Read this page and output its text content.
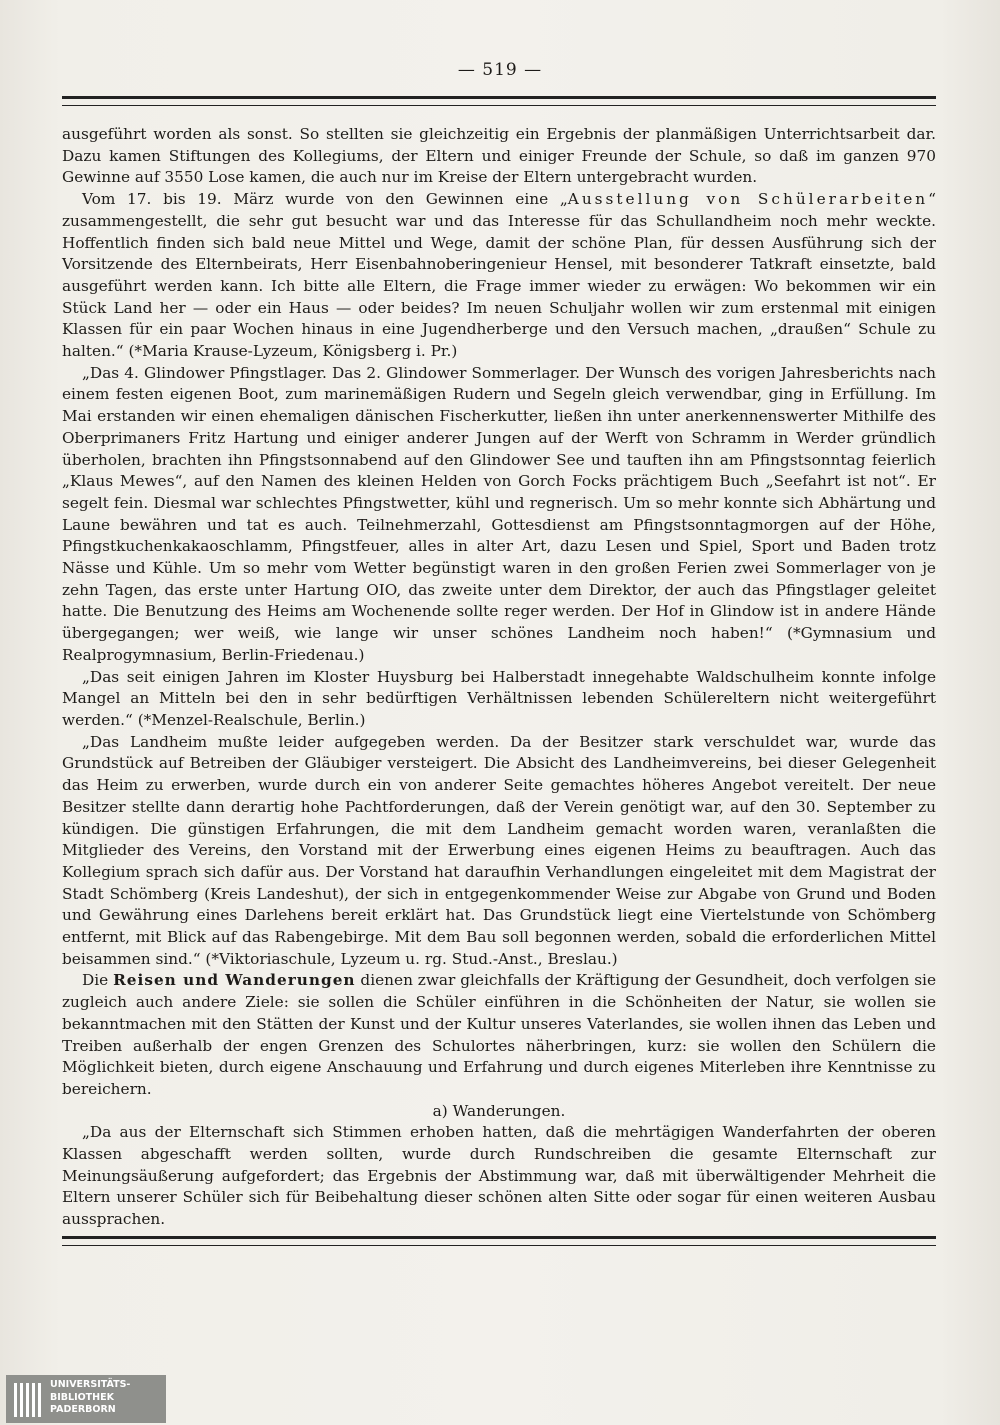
— 519 —

ausgeführt worden als sonst. So stellten sie gleichzeitig ein Ergebnis der planmäßigen Unterrichtsarbeit dar. Dazu kamen Stiftungen des Kollegiums, der Eltern und einiger Freunde der Schule, so daß im ganzen 970 Gewinne auf 3550 Lose kamen, die auch nur im Kreise der Eltern untergebracht wurden.

Vom 17. bis 19. März wurde von den Gewinnen eine „Ausstellung von Schülerarbeiten“ zusammengestellt, die sehr gut besucht war und das Interesse für das Schullandheim noch mehr weckte. Hoffentlich finden sich bald neue Mittel und Wege, damit der schöne Plan, für dessen Ausführung sich der Vorsitzende des Elternbeirats, Herr Eisenbahnoberingenieur Hensel, mit besonderer Tatkraft einsetzte, bald ausgeführt werden kann. Ich bitte alle Eltern, die Frage immer wieder zu erwägen: Wo bekommen wir ein Stück Land her — oder ein Haus — oder beides? Im neuen Schuljahr wollen wir zum erstenmal mit einigen Klassen für ein paar Wochen hinaus in eine Jugendherberge und den Versuch machen, „draußen“ Schule zu halten.“ (*Maria Krause-Lyzeum, Königsberg i. Pr.)

„Das 4. Glindower Pfingstlager. Das 2. Glindower Sommerlager. Der Wunsch des vorigen Jahresberichts nach einem festen eigenen Boot, zum marinemäßigen Rudern und Segeln gleich verwendbar, ging in Erfüllung. Im Mai erstanden wir einen ehemaligen dänischen Fischerkutter, ließen ihn unter anerkennenswerter Mithilfe des Oberprimaners Fritz Hartung und einiger anderer Jungen auf der Werft von Schramm in Werder gründlich überholen, brachten ihn Pfingstsonnabend auf den Glindower See und tauften ihn am Pfingstsonntag feierlich „Klaus Mewes“, auf den Namen des kleinen Helden von Gorch Focks prächtigem Buch „Seefahrt ist not“. Er segelt fein. Diesmal war schlechtes Pfingstwetter, kühl und regnerisch. Um so mehr konnte sich Abhärtung und Laune bewähren und tat es auch. Teilnehmerzahl, Gottesdienst am Pfingstsonntagmorgen auf der Höhe, Pfingstkuchenkakaoschlamm, Pfingstfeuer, alles in alter Art, dazu Lesen und Spiel, Sport und Baden trotz Nässe und Kühle. Um so mehr vom Wetter begünstigt waren in den großen Ferien zwei Sommerlager von je zehn Tagen, das erste unter Hartung OIO, das zweite unter dem Direktor, der auch das Pfingstlager geleitet hatte. Die Benutzung des Heims am Wochenende sollte reger werden. Der Hof in Glindow ist in andere Hände übergegangen; wer weiß, wie lange wir unser schönes Landheim noch haben!“ (*Gymnasium und Realprogymnasium, Berlin-Friedenau.)

„Das seit einigen Jahren im Kloster Huysburg bei Halberstadt innegehabte Waldschulheim konnte infolge Mangel an Mitteln bei den in sehr bedürftigen Verhältnissen lebenden Schülereltern nicht weitergeführt werden.“ (*Menzel-Realschule, Berlin.)

„Das Landheim mußte leider aufgegeben werden. Da der Besitzer stark verschuldet war, wurde das Grundstück auf Betreiben der Gläubiger versteigert. Die Absicht des Landheimvereins, bei dieser Gelegenheit das Heim zu erwerben, wurde durch ein von anderer Seite gemachtes höheres Angebot vereitelt. Der neue Besitzer stellte dann derartig hohe Pachtforderungen, daß der Verein genötigt war, auf den 30. September zu kündigen. Die günstigen Erfahrungen, die mit dem Landheim gemacht worden waren, veranlaßten die Mitglieder des Vereins, den Vorstand mit der Erwerbung eines eigenen Heims zu beauftragen. Auch das Kollegium sprach sich dafür aus. Der Vorstand hat daraufhin Verhandlungen eingeleitet mit dem Magistrat der Stadt Schömberg (Kreis Landeshut), der sich in entgegenkommender Weise zur Abgabe von Grund und Boden und Gewährung eines Darlehens bereit erklärt hat. Das Grundstück liegt eine Viertelstunde von Schömberg entfernt, mit Blick auf das Rabengebirge. Mit dem Bau soll begonnen werden, sobald die erforderlichen Mittel beisammen sind.“ (*Viktoriaschule, Lyzeum u. rg. Stud.-Anst., Breslau.)

Die Reisen und Wanderungen dienen zwar gleichfalls der Kräftigung der Gesundheit, doch verfolgen sie zugleich auch andere Ziele: sie sollen die Schüler einführen in die Schönheiten der Natur, sie wollen sie bekanntmachen mit den Stätten der Kunst und der Kultur unseres Vaterlandes, sie wollen ihnen das Leben und Treiben außerhalb der engen Grenzen des Schulortes näherbringen, kurz: sie wollen den Schülern die Möglichkeit bieten, durch eigene Anschauung und Erfahrung und durch eigenes Miterleben ihre Kenntnisse zu bereichern.

a) Wanderungen.

„Da aus der Elternschaft sich Stimmen erhoben hatten, daß die mehrtägigen Wanderfahrten der oberen Klassen abgeschafft werden sollten, wurde durch Rundschreiben die gesamte Elternschaft zur Meinungsäußerung aufgefordert; das Ergebnis der Abstimmung war, daß mit überwältigender Mehrheit die Eltern unserer Schüler sich für Beibehaltung dieser schönen alten Sitte oder sogar für einen weiteren Ausbau aussprachen.

UNIVERSITÄTS-
BIBLIOTHEK
PADERBORN
